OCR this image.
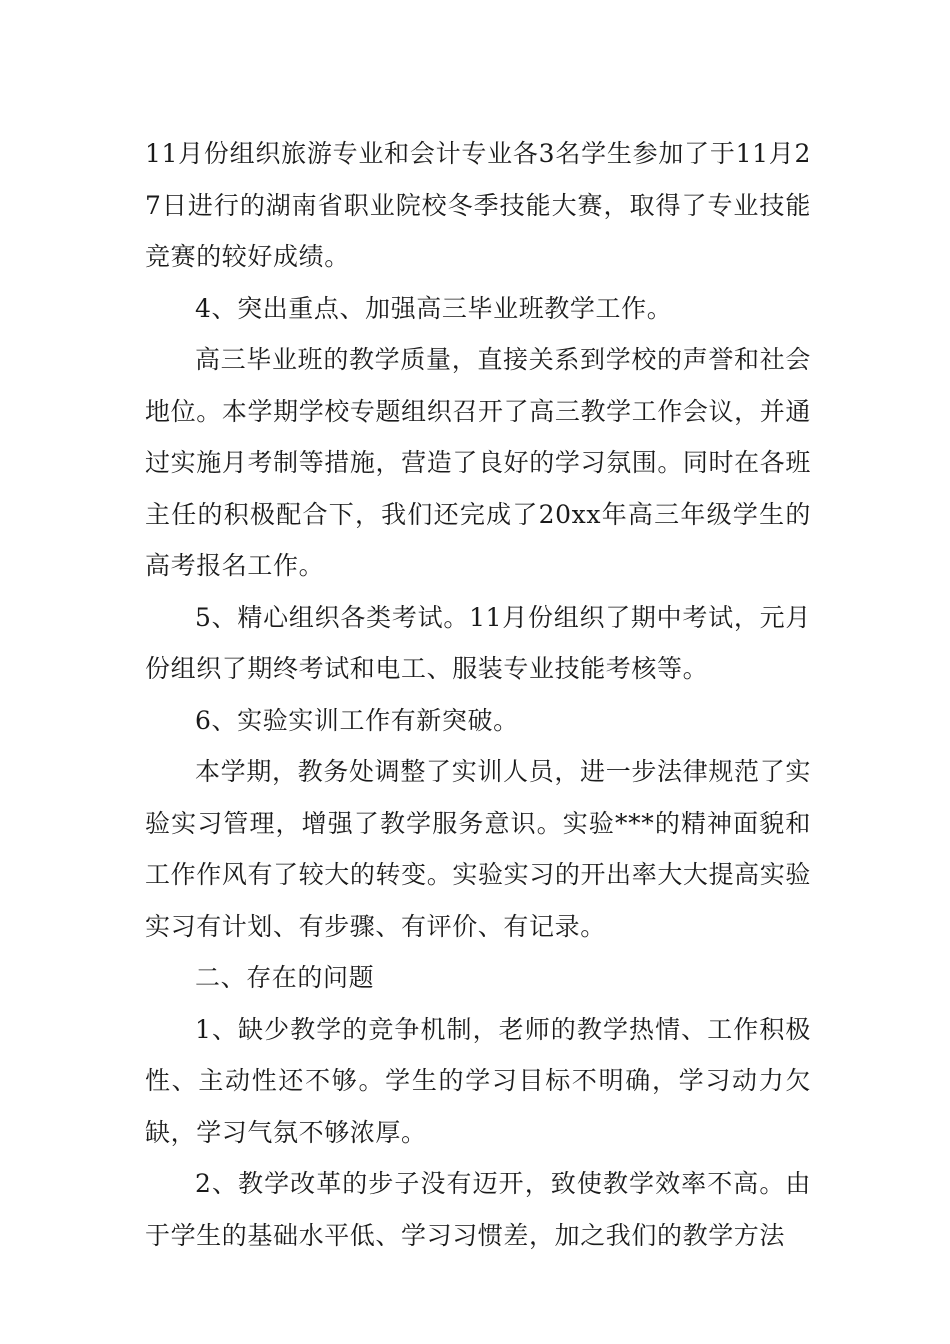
11月份组织旅游专业和会计专业各3名学生参加了于11月27日进行的湖南省职业院校冬季技能大赛，取得了专业技能竞赛的较好成绩。

4、突出重点、加强高三毕业班教学工作。

高三毕业班的教学质量，直接关系到学校的声誉和社会地位。本学期学校专题组织召开了高三教学工作会议，并通过实施月考制等措施，营造了良好的学习氛围。同时在各班主任的积极配合下，我们还完成了20xx年高三年级学生的高考报名工作。

5、精心组织各类考试。11月份组织了期中考试，元月份组织了期终考试和电工、服装专业技能考核等。

6、实验实训工作有新突破。

本学期，教务处调整了实训人员，进一步法律规范了实验实习管理，增强了教学服务意识。实验***的精神面貌和工作作风有了较大的转变。实验实习的开出率大大提高实验实习有计划、有步骤、有评价、有记录。

二、存在的问题

1、缺少教学的竞争机制，老师的教学热情、工作积极性、主动性还不够。学生的学习目标不明确，学习动力欠缺，学习气氛不够浓厚。

2、教学改革的步子没有迈开，致使教学效率不高。由于学生的基础水平低、学习习惯差，加之我们的教学方法
